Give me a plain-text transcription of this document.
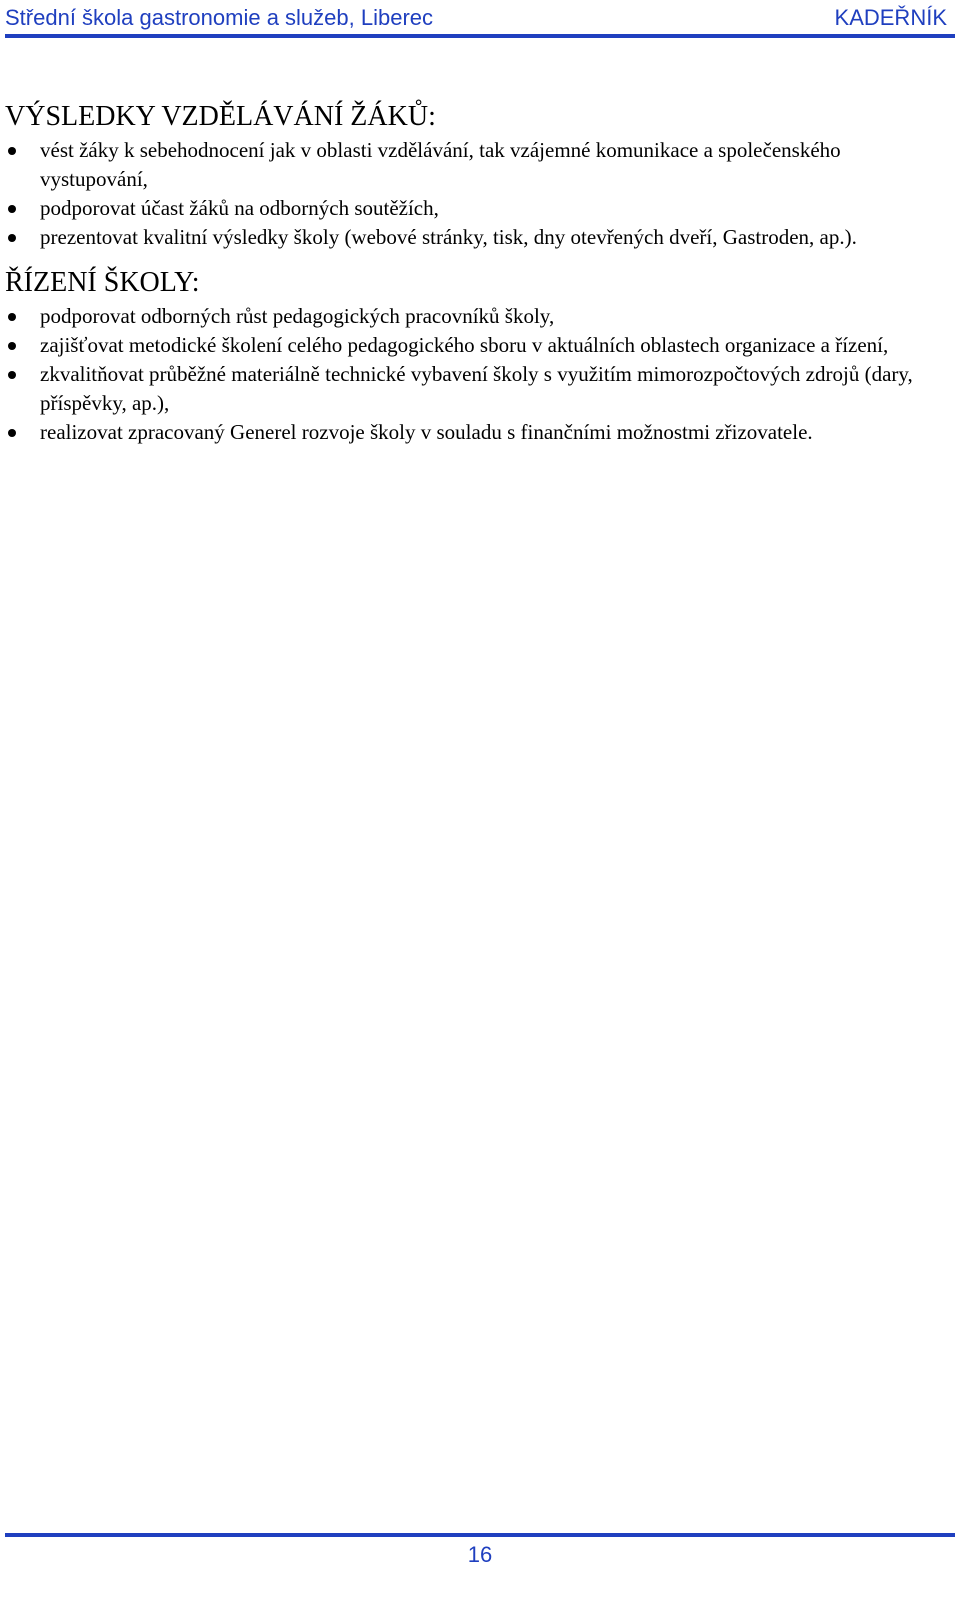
Střední škola gastronomie a služeb, Liberec	KADEŘNÍK
VÝSLEDKY VZDĚLÁVÁNÍ ŽÁKŮ:
vést žáky k sebehodnocení jak v oblasti vzdělávání, tak vzájemné komunikace a společenského vystupování,
podporovat účast žáků na odborných soutěžích,
prezentovat kvalitní výsledky školy (webové stránky, tisk, dny otevřených dveří, Gastroden, ap.).
ŘÍZENÍ ŠKOLY:
podporovat odborných růst pedagogických pracovníků školy,
zajišťovat metodické školení celého pedagogického sboru v aktuálních oblastech organizace a řízení,
zkvalitňovat průběžné materiálně technické vybavení školy s využitím mimorozpočtových zdrojů (dary, příspěvky, ap.),
realizovat zpracovaný Generel rozvoje školy v souladu s finančními možnostmi zřizovatele.
16
